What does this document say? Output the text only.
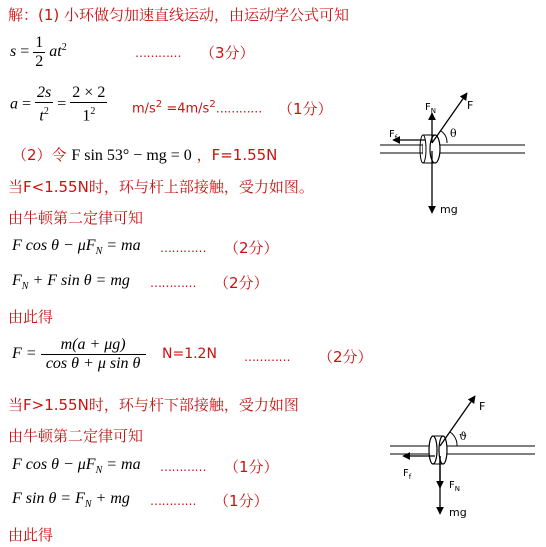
解：(1) 小环做匀加速直线运动，由运动学公式可知
$s = \frac{1}{2} at^2$	………… （3分）
$a = \frac{2s}{t^2} = \frac{2 \times 2}{1^2} m/s^2$ $=4m/s^2\dots\dots\dots\dots$ （1分）
（2）令 F sin 53° − mg = 0 ，F=1.55N
当F<1.55N时，环与杆上部接触，受力如图。
由牛顿第二定律可知
F $\cos \theta - \mu F_N$ = ma ………… （2分）
$F_N + F$ sin θ = mg ………… （2分）
由此得
$F = \frac{m(a + \mu g)}{\text{cos θ + μ sin θ}} N=1.2N$ ………… （2分）
当F>1.55N时，环与杆下部接触，受力如图
由牛顿第二定律可知
F $\cos \theta - \mu F_N$ = ma ………… （1分）
F $\sin \theta = F_N$ + mg ………… （1分）
由此得
$F_N$	F
$F_f$	θ
mg
F
ϑ
$F_f$
$F_N$
mg
